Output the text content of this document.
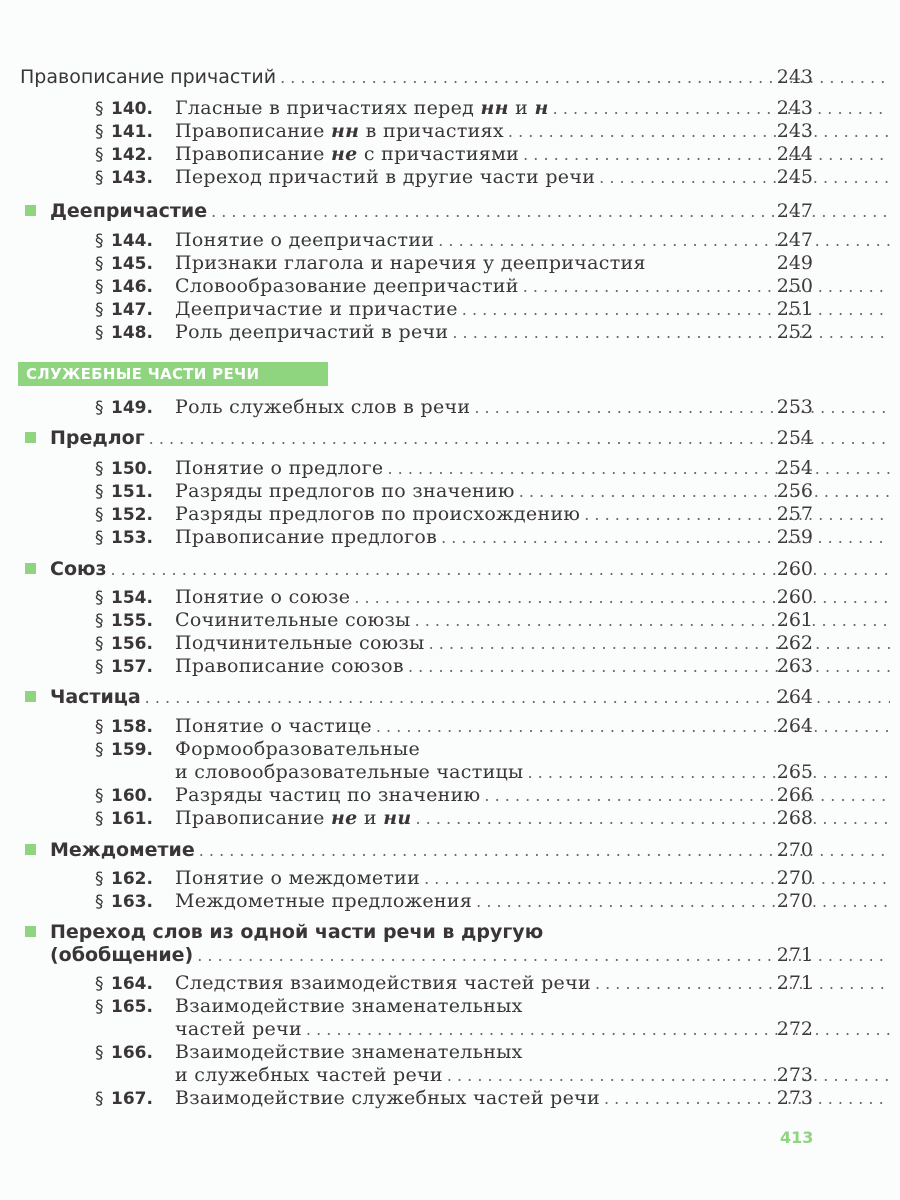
Правописание причастий . . .	243
§ 140.	Гласные в причастиях перед нн и н . . .	243
§ 141.	Правописание нн в причастиях . . .	243
§ 142.	Правописание не с причастиями . . .	244
§ 143.	Переход причастий в другие части речи . . .	245
Деепричастие . . .	247
§ 144.	Понятие о деепричастии . . .	247
§ 145.	Признаки глагола и наречия у деепричастия	249
§ 146.	Словообразование деепричастий . . .	250
§ 147.	Деепричастие и причастие . . .	251
§ 148.	Роль деепричастий в речи . . .	252
СЛУЖЕБНЫЕ ЧАСТИ РЕЧИ
§ 149.	Роль служебных слов в речи . . .	253
Предлог . . .	254
§ 150.	Понятие о предлоге . . .	254
§ 151.	Разряды предлогов по значению . . .	256
§ 152.	Разряды предлогов по происхождению . . .	257
§ 153.	Правописание предлогов . . .	259
Союз . . .	260
§ 154.	Понятие о союзе . . .	260
§ 155.	Сочинительные союзы . . .	261
§ 156.	Подчинительные союзы . . .	262
§ 157.	Правописание союзов . . .	263
Частица . . .	264
§ 158.	Понятие о частице . . .	264
§ 159.	Формообразовательные
и словообразовательные частицы . . .	265
§ 160.	Разряды частиц по значению . . .	266
§ 161.	Правописание не и ни . . .	268
Междометие . . .	270
§ 162.	Понятие о междометии . . .	270
§ 163.	Междометные предложения . . .	270
Переход слов из одной части речи в другую
(обобщение) . . .	271
§ 164.	Следствия взаимодействия частей речи . . .	271
§ 165.	Взаимодействие знаменательных
частей речи . . .	272
§ 166.	Взаимодействие знаменательных
и служебных частей речи . . .	273
§ 167.	Взаимодействие служебных частей речи . . .	273
413
